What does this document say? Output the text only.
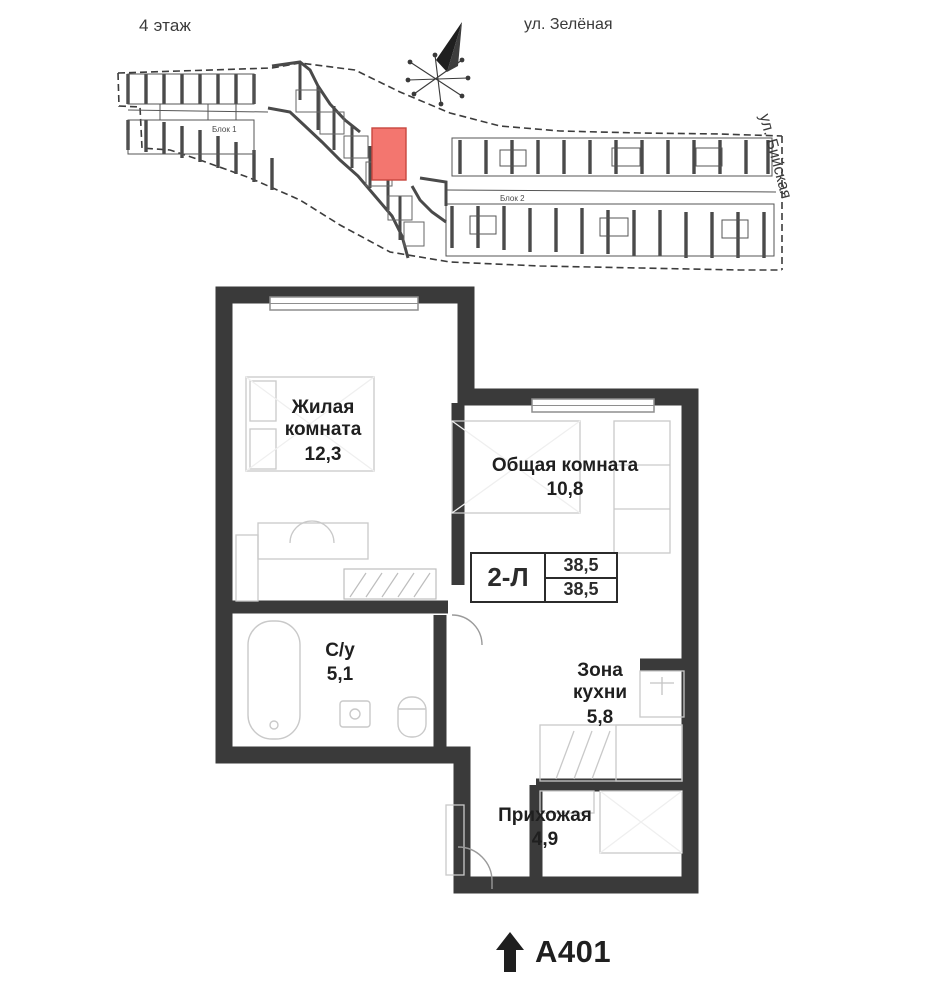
4 этаж	ул. Зелёная
ул. Бийская
Блок 1
Блок 2
Жилая
комната
12,3
Общая комната
10,8
С/у
5,1	Зона
кухни
5,8
Прихожая
4,9
2-Л	38,5
38,5
А401
